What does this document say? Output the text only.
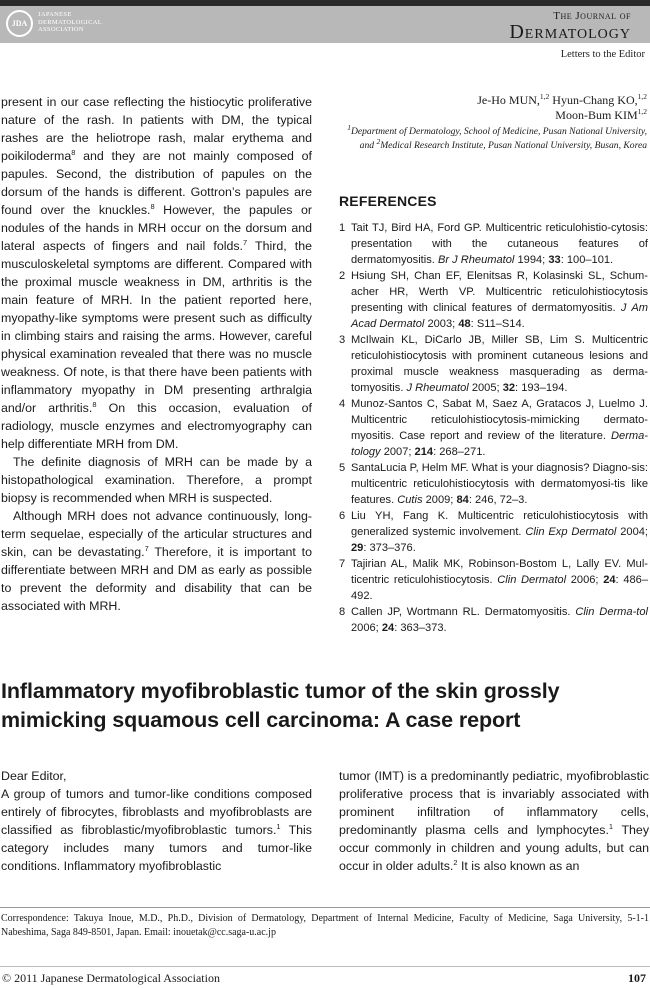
JDA
JAPANESE
DERMATOLOGICAL
ASSOCIATION
The Journal of
Dermatology
Letters to the Editor

present in our case reflecting the histiocytic proliferative nature of the rash. In patients with DM, the typical rashes are the heliotrope rash, malar erythema and poikiloderma$^8$ and they are not mainly composed of papules. Second, the distribution of papules on the dorsum of the hands is different. Gottron’s papules are found over the knuckles.$^8$ However, the papules or nodules of the hands in MRH occur on the dorsum and lateral aspects of fingers and nail folds.$^7$ Third, the musculoskeletal symptoms are different. Compared with the proximal muscle weakness in DM, arthritis is the main feature of MRH. In the patient reported here, myopathy-like symptoms were present such as difficulty in climbing stairs and raising the arms. However, careful physical examination revealed that there was no muscle weakness. Of note, is that there have been patients with inflammatory myopathy in DM presenting arthralgia and/or arthritis.$^8$ On this occasion, evaluation of radiology, muscle enzymes and electromyography can help differentiate MRH from DM.

The definite diagnosis of MRH can be made by a histopathological examination. Therefore, a prompt biopsy is recommended when MRH is suspected.

Although MRH does not advance continuously, long-term sequelae, especially of the articular structures and skin, can be devastating.$^7$ Therefore, it is important to differentiate between MRH and DM as early as possible to prevent the deformity and disability that can be associated with MRH.

Je-Ho MUN,$^{1,2}$ Hyun-Chang KO,$^{1,2}$
Moon-Bum KIM$^{1,2}$
$^1$Department of Dermatology, School of Medicine, Pusan National University,
and $^2$Medical Research Institute, Pusan National University, Busan, Korea
REFERENCES
1 Tait TJ, Bird HA, Ford GP. Multicentric reticulohistio-cytosis: presentation with the cutaneous features of dermatomyositis. Br J Rheumatol 1994; 33: 100–101.
2 Hsiung SH, Chan EF, Elenitsas R, Kolasinski SL, Schum-acher HR, Werth VP. Multicentric reticulohistiocytosis presenting with clinical features of dermatomyositis. J Am Acad Dermatol 2003; 48: S11–S14.
3 McIlwain KL, DiCarlo JB, Miller SB, Lim S. Multicentric reticulohistiocytosis with prominent cutaneous lesions and proximal muscle weakness masquerading as derma-tomyositis. J Rheumatol 2005; 32: 193–194.
4 Munoz-Santos C, Sabat M, Saez A, Gratacos J, Luelmo J. Multicentric reticulohistiocytosis-mimicking dermato-myositis. Case report and review of the literature. Derma-tology 2007; 214: 268–271.
5 SantaLucia P, Helm MF. What is your diagnosis? Diagno-sis: multicentric reticulohistiocytosis with dermatomyosi-tis like features. Cutis 2009; 84: 246, 72–3.
6 Liu YH, Fang K. Multicentric reticulohistiocytosis with generalized systemic involvement. Clin Exp Dermatol 2004; 29: 373–376.
7 Tajirian AL, Malik MK, Robinson-Bostom L, Lally EV. Mul-ticentric reticulohistiocytosis. Clin Dermatol 2006; 24: 486–492.
8 Callen JP, Wortmann RL. Dermatomyositis. Clin Derma-tol 2006; 24: 363–373.
Inflammatory myofibroblastic tumor of the skin grossly mimicking squamous cell carcinoma: A case report

Dear Editor,

A group of tumors and tumor-like conditions composed entirely of fibrocytes, fibroblasts and myofibroblasts are classified as fibroblastic/myofibroblastic tumors.$^1$ This category includes many tumors and tumor-like conditions. Inflammatory myofibroblastic

tumor (IMT) is a predominantly pediatric, myofibroblastic proliferative process that is invariably associated with prominent infiltration of inflammatory cells, predominantly plasma cells and lymphocytes.$^1$ They occur commonly in children and young adults, but can occur in older adults.$^2$ It is also known as an

Correspondence: Takuya Inoue, M.D., Ph.D., Division of Dermatology, Department of Internal Medicine, Faculty of Medicine, Saga University, 5-1-1 Nabeshima, Saga 849-8501, Japan. Email: inouetak@cc.saga-u.ac.jp
© 2011 Japanese Dermatological Association	107
